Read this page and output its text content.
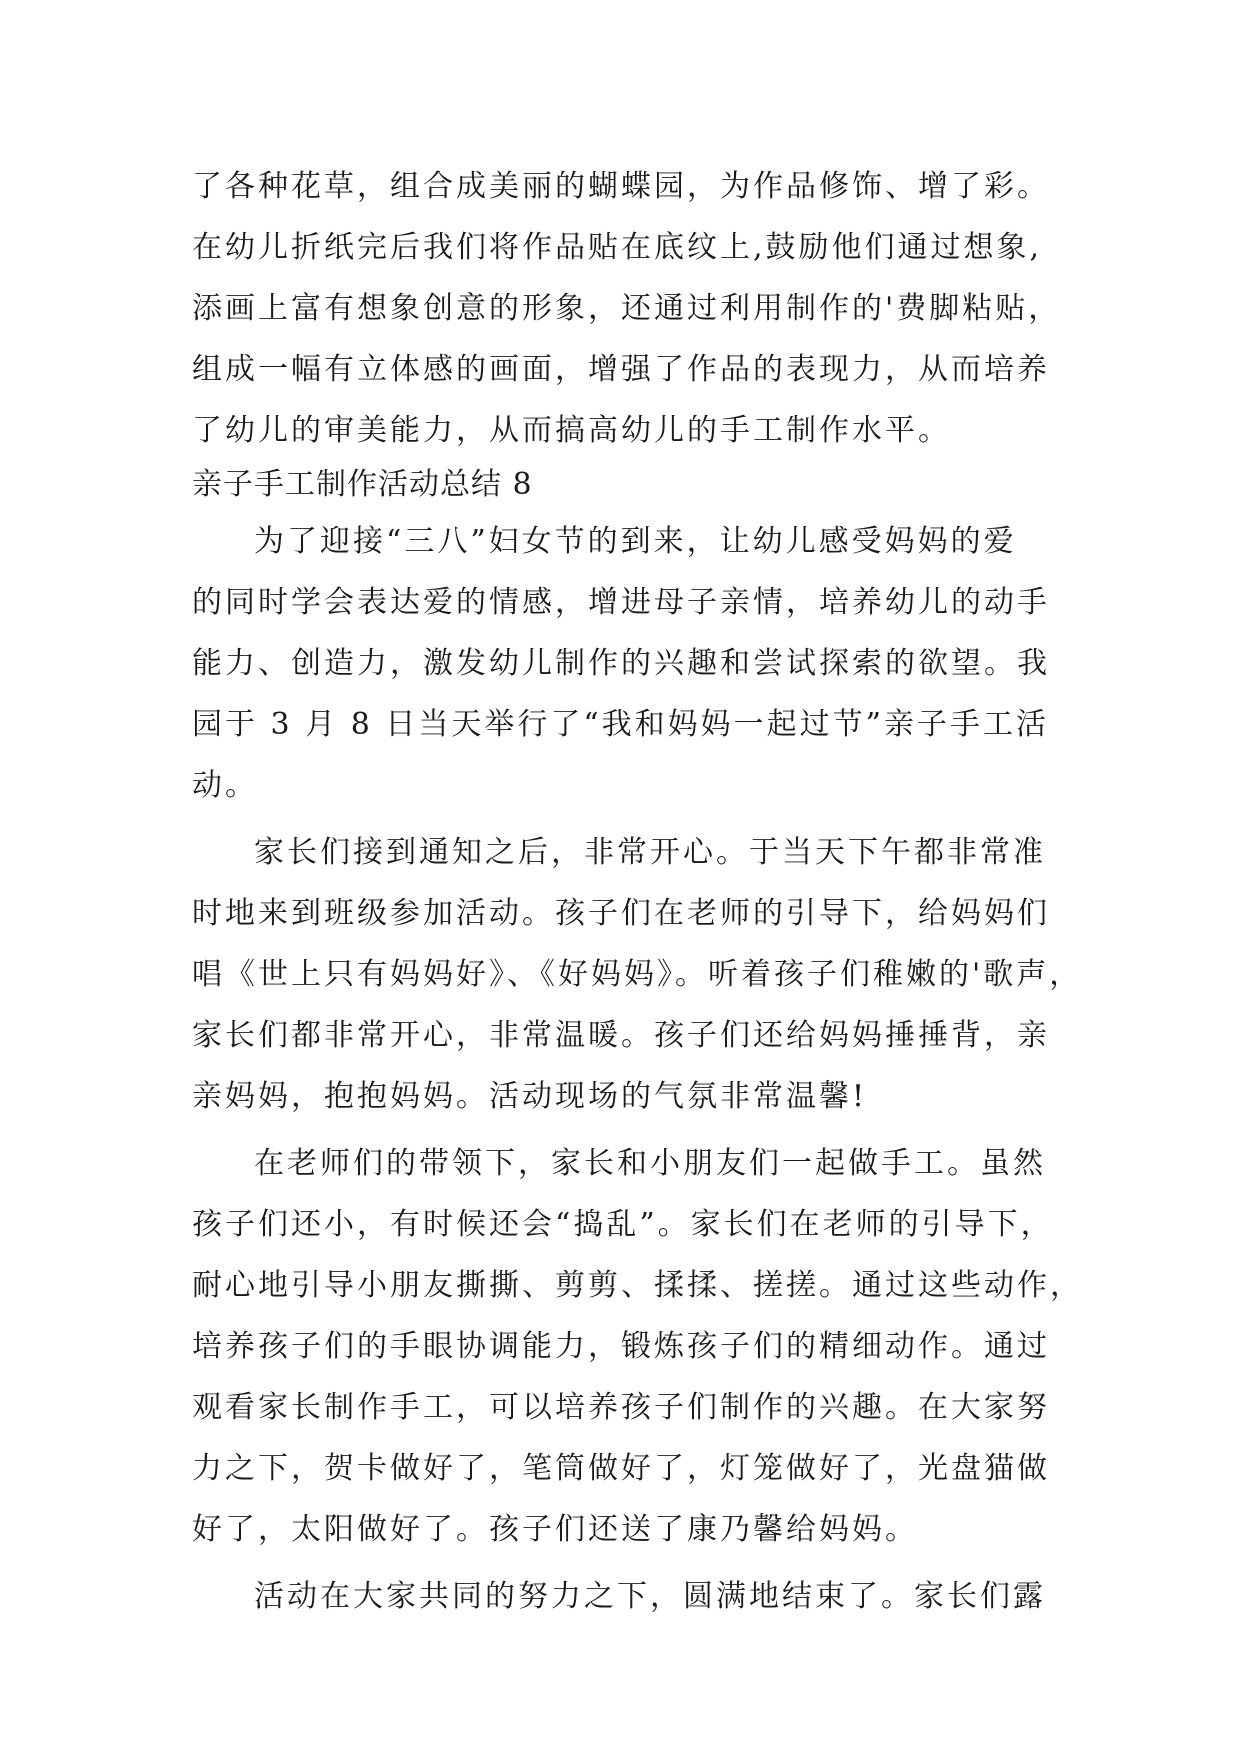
了各种花草，组合成美丽的蝴蝶园，为作品修饰、增了彩。
在幼儿折纸完后我们将作品贴在底纹上,鼓励他们通过想象,
添画上富有想象创意的形象，还通过利用制作的'费脚粘贴，
组成一幅有立体感的画面，增强了作品的表现力，从而培养
了幼儿的审美能力，从而搞高幼儿的手工制作水平。
亲子手工制作活动总结 8
为了迎接“三八”妇女节的到来，让幼儿感受妈妈的爱
的同时学会表达爱的情感，增进母子亲情，培养幼儿的动手
能力、创造力，激发幼儿制作的兴趣和尝试探索的欲望。我
园于 3 月 8 日当天举行了“我和妈妈一起过节”亲子手工活
动。
家长们接到通知之后，非常开心。于当天下午都非常准
时地来到班级参加活动。孩子们在老师的引导下，给妈妈们
唱《世上只有妈妈好》、《好妈妈》。听着孩子们稚嫩的'歌声，
家长们都非常开心，非常温暖。孩子们还给妈妈捶捶背，亲
亲妈妈，抱抱妈妈。活动现场的气氛非常温馨!
在老师们的带领下，家长和小朋友们一起做手工。虽然
孩子们还小，有时候还会“捣乱”。家长们在老师的引导下，
耐心地引导小朋友撕撕、剪剪、揉揉、搓搓。通过这些动作，
培养孩子们的手眼协调能力，锻炼孩子们的精细动作。通过
观看家长制作手工，可以培养孩子们制作的兴趣。在大家努
力之下，贺卡做好了，笔筒做好了，灯笼做好了，光盘猫做
好了，太阳做好了。孩子们还送了康乃馨给妈妈。
活动在大家共同的努力之下，圆满地结束了。家长们露
